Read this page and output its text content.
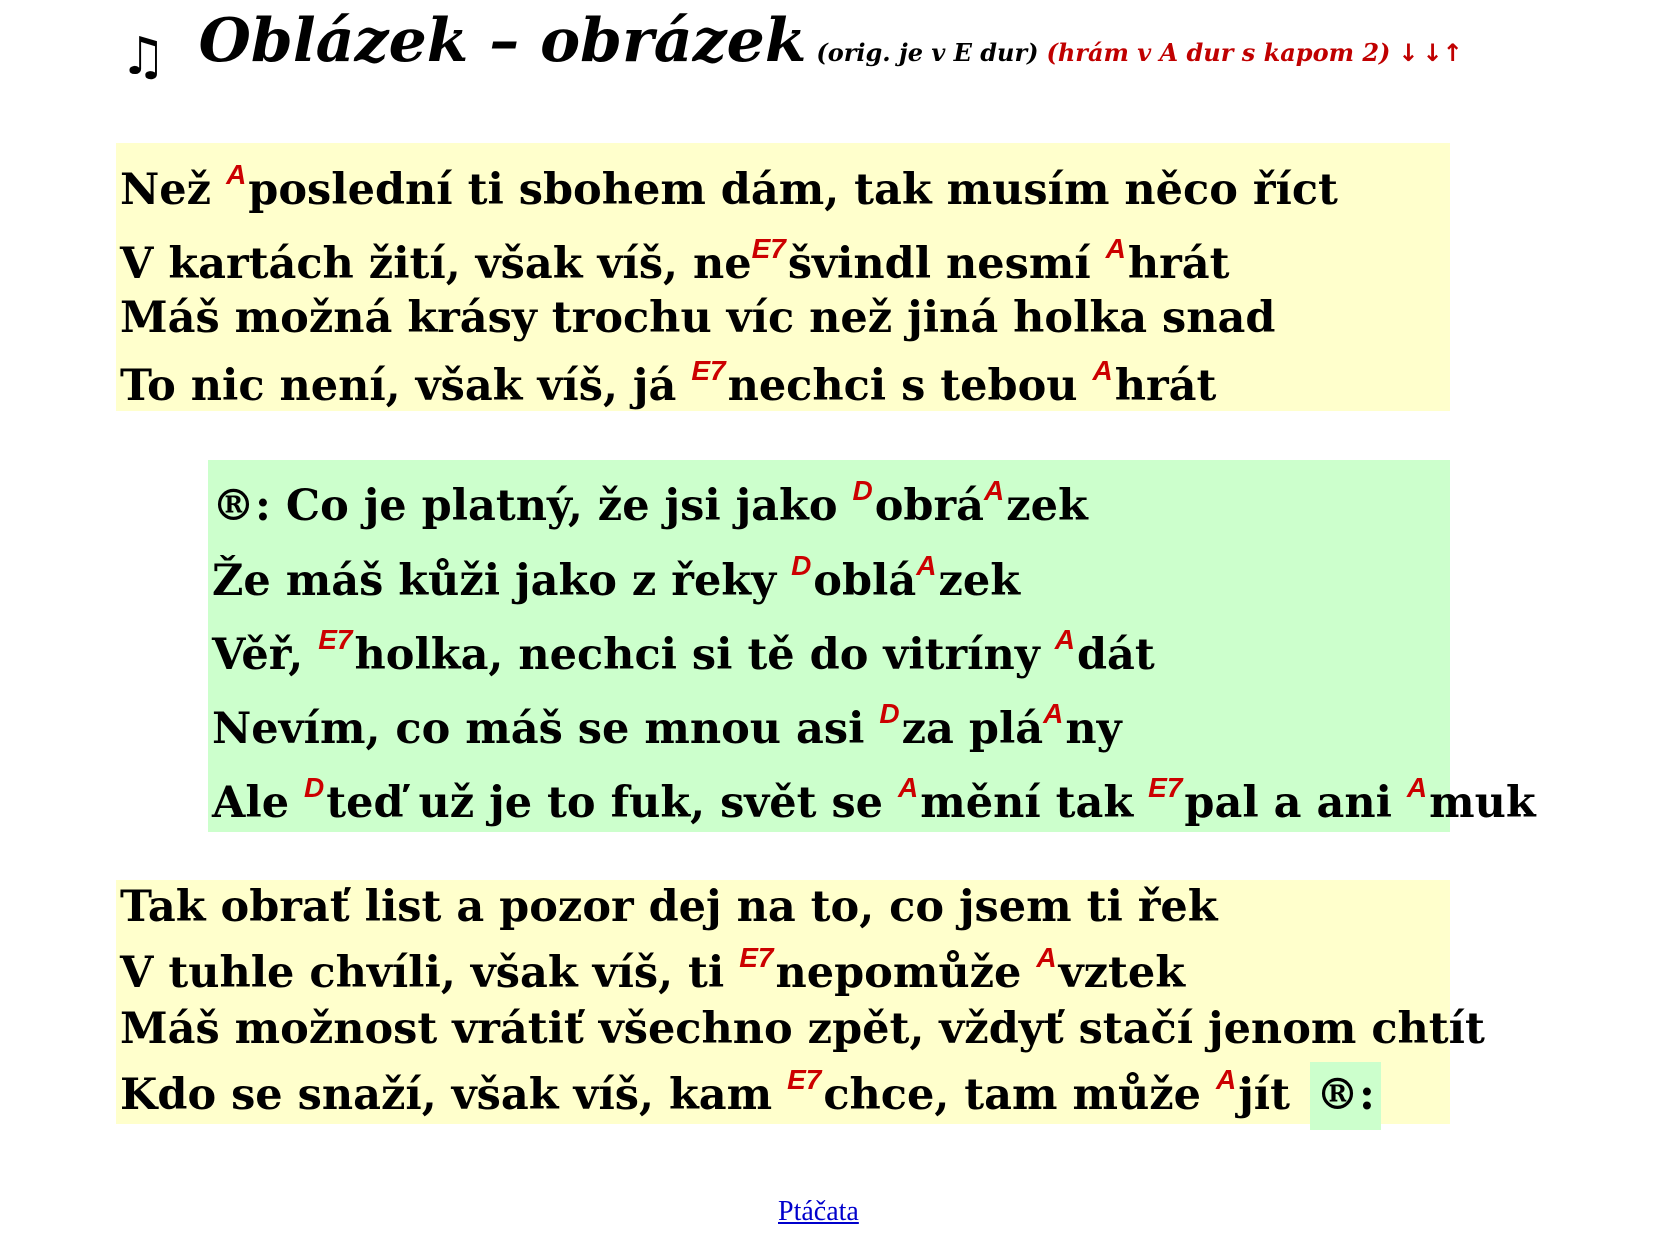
♫ Oblázek – obrázek (orig. je v E dur) (hrám v A dur s kapom 2) ↓ ↓↑
Než $^A$poslední ti sbohem dám, tak musím něco říct
V kartách žití, však víš, $ne^{E7}švindl$ nesmí $^A$hrát
Máš možná krásy trochu víc než jiná holka snad
To nic není, však víš, já $^{E7}$nechci s tebou $^A$hrát
®: Co je platný, že jsi jako $^D$obrá$^A$zek
Že máš kůži jako z řeky $^D$oblá$^A$zek
Věř, $^{E7}$holka, nechci si tě do vitríny $^A$dát
Nevím, co máš se mnou asi $^D$za plá$^A$ny
Ale $^D$teď už je to fuk, svět se $^A$mění tak $^{E7}$pal a ani $^A$muk
Tak obrať list a pozor dej na to, co jsem ti řek
V tuhle chvíli, však víš, ti $^{E7}$nepomůže $^A$vztek
Máš možnost vrátiť všechno zpět, vždyť stačí jenom chtít
Kdo se snaží, však víš, kam $^{E7}$chce, tam může $^A$jít ®:
Ptáčata
